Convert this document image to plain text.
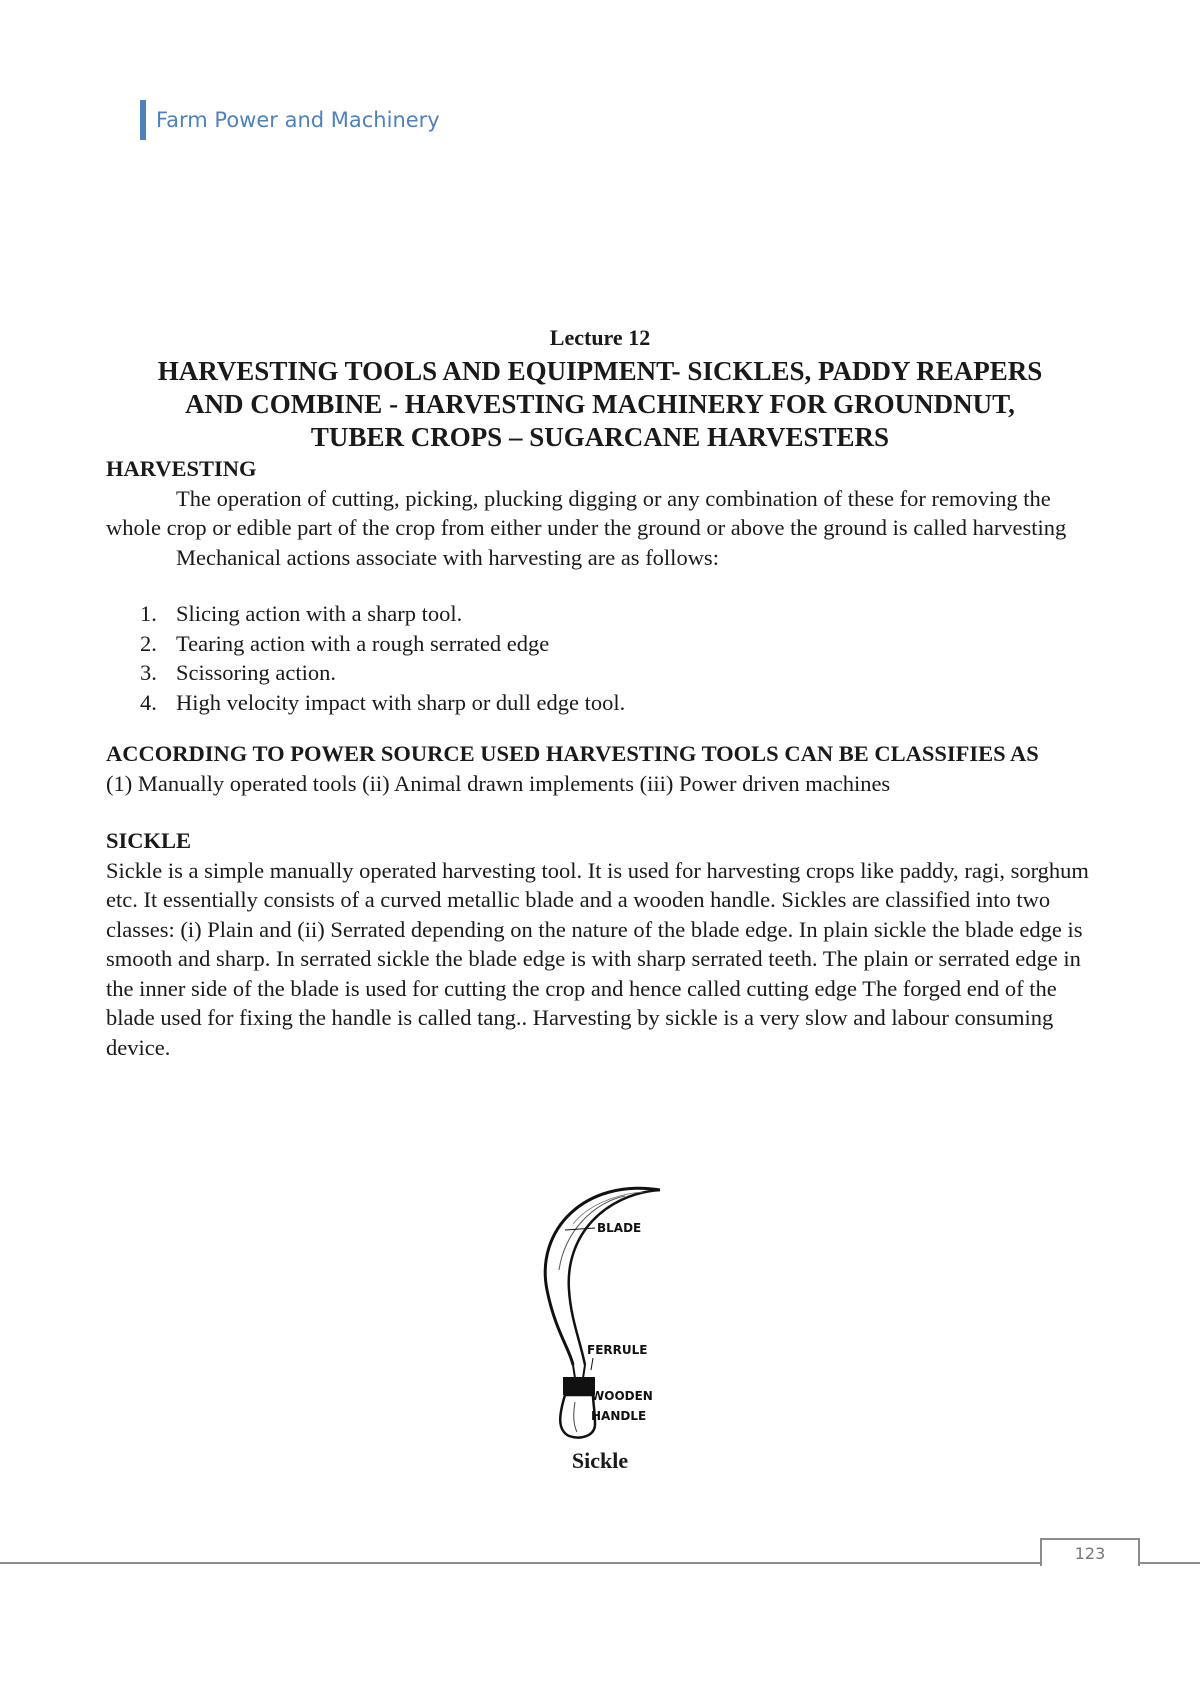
Farm Power and Machinery
Lecture 12
HARVESTING TOOLS AND EQUIPMENT- SICKLES, PADDY REAPERS
AND COMBINE - HARVESTING MACHINERY FOR GROUNDNUT,
TUBER CROPS – SUGARCANE HARVESTERS

HARVESTING

The operation of cutting, picking, plucking digging or any combination of these for removing the whole crop or edible part of the crop from either under the ground or above the ground is called harvesting

Mechanical actions associate with harvesting are as follows:

1. Slicing action with a sharp tool.
2. Tearing action with a rough serrated edge
3. Scissoring action.
4. High velocity impact with sharp or dull edge tool.

ACCORDING TO POWER SOURCE USED HARVESTING TOOLS CAN BE CLASSIFIES AS

(1) Manually operated tools (ii) Animal drawn implements (iii) Power driven machines

SICKLE

Sickle is a simple manually operated harvesting tool. It is used for harvesting crops like paddy, ragi, sorghum etc. It essentially consists of a curved metallic blade and a wooden handle. Sickles are classified into two classes: (i) Plain and (ii) Serrated depending on the nature of the blade edge. In plain sickle the blade edge is smooth and sharp. In serrated sickle the blade edge is with sharp serrated teeth. The plain or serrated edge in the inner side of the blade is used for cutting the crop and hence called cutting edge The forged end of the blade used for fixing the handle is called tang.. Harvesting by sickle is a very slow and labour consuming device.

BLADE
FERRULE
WOODEN
HANDLE
Sickle
123
